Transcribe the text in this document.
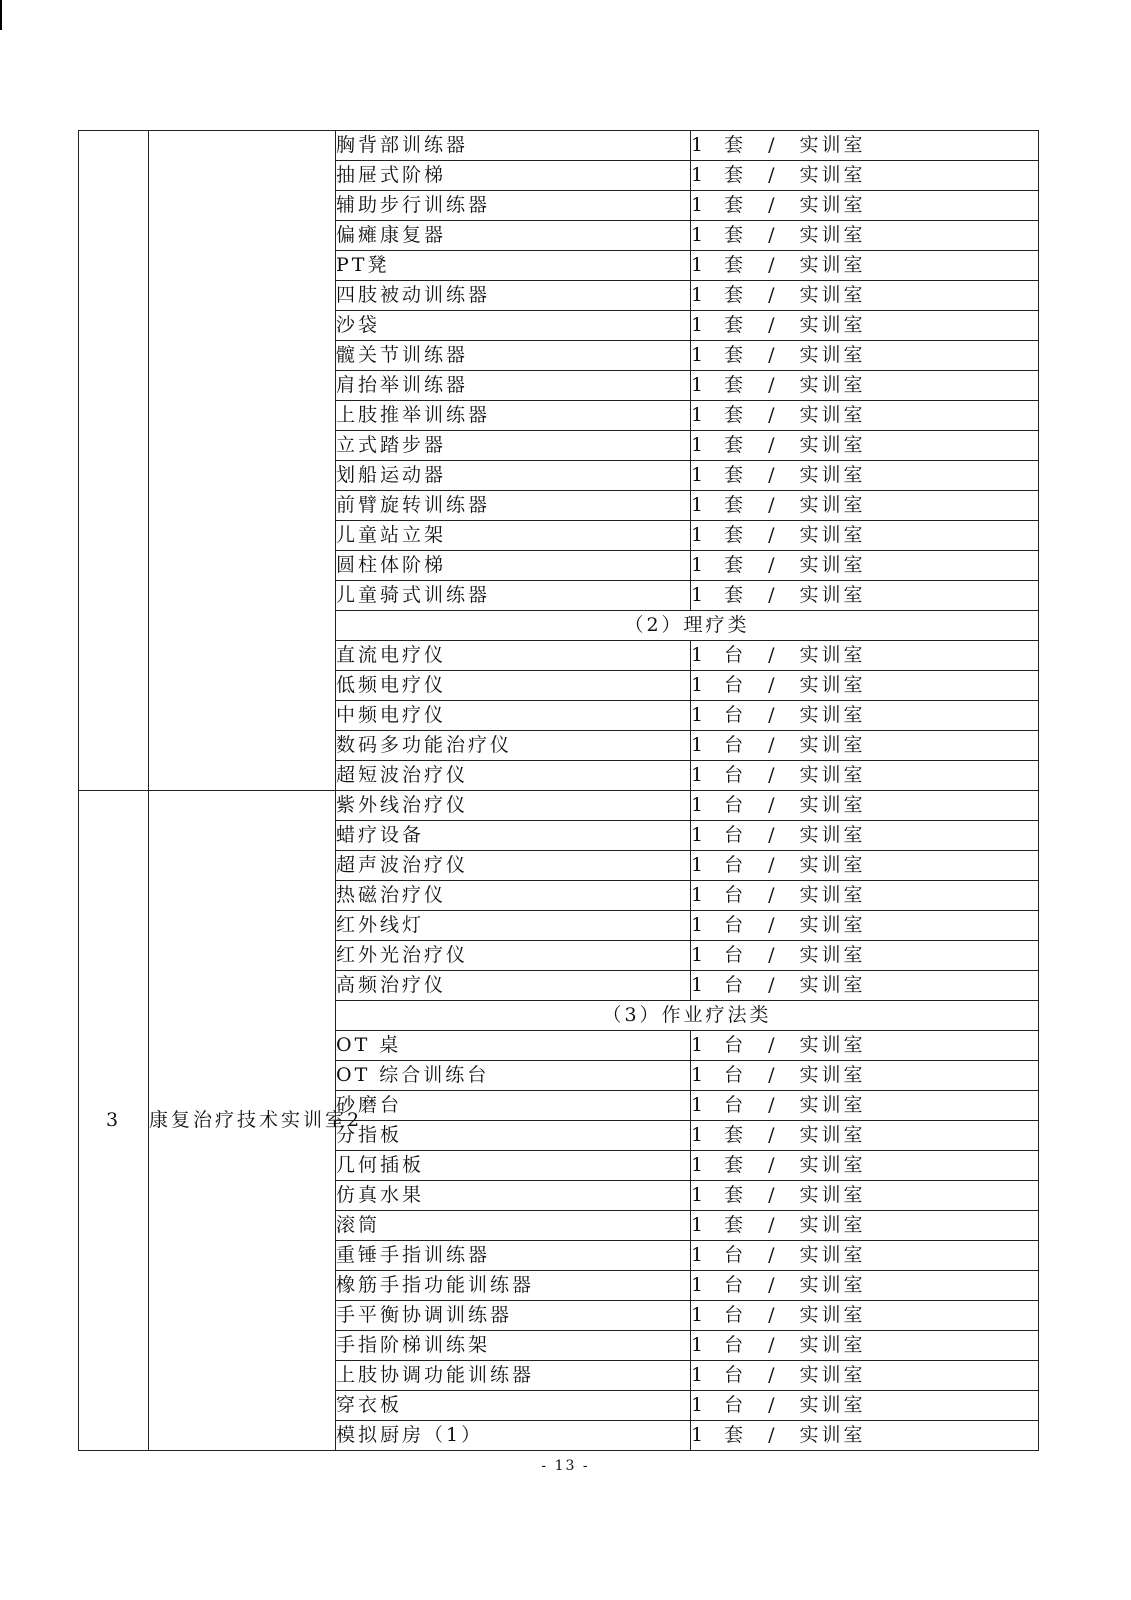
		胸背部训练器	1 套 / 实训室
		抽屉式阶梯	1 套 / 实训室
		辅助步行训练器	1 套 / 实训室
		偏瘫康复器	1 套 / 实训室
		PT凳	1 套 / 实训室
		四肢被动训练器	1 套 / 实训室
		沙袋	1 套 / 实训室
		髋关节训练器	1 套 / 实训室
		肩抬举训练器	1 套 / 实训室
		上肢推举训练器	1 套 / 实训室
		立式踏步器	1 套 / 实训室
		划船运动器	1 套 / 实训室
		前臂旋转训练器	1 套 / 实训室
		儿童站立架	1 套 / 实训室
		圆柱体阶梯	1 套 / 实训室
		儿童骑式训练器	1 套 / 实训室
		（2）理疗类	
		直流电疗仪	1 台 / 实训室
		低频电疗仪	1 台 / 实训室
		中频电疗仪	1 台 / 实训室
		数码多功能治疗仪	1 台 / 实训室
		超短波治疗仪	1 台 / 实训室
3	康复治疗技术实训室2	紫外线治疗仪	1 台 / 实训室
		蜡疗设备	1 台 / 实训室
		超声波治疗仪	1 台 / 实训室
		热磁治疗仪	1 台 / 实训室
		红外线灯	1 台 / 实训室
		红外光治疗仪	1 台 / 实训室
		高频治疗仪	1 台 / 实训室
		（3）作业疗法类	
		OT 桌	1 台 / 实训室
		OT 综合训练台	1 台 / 实训室
		砂磨台	1 台 / 实训室
		分指板	1 套 / 实训室
		几何插板	1 套 / 实训室
		仿真水果	1 套 / 实训室
		滚筒	1 套 / 实训室
		重锤手指训练器	1 台 / 实训室
		橡筋手指功能训练器	1 台 / 实训室
		手平衡协调训练器	1 台 / 实训室
		手指阶梯训练架	1 台 / 实训室
		上肢协调功能训练器	1 台 / 实训室
		穿衣板	1 台 / 实训室
		模拟厨房（1）	1 套 / 实训室
- 13 -
